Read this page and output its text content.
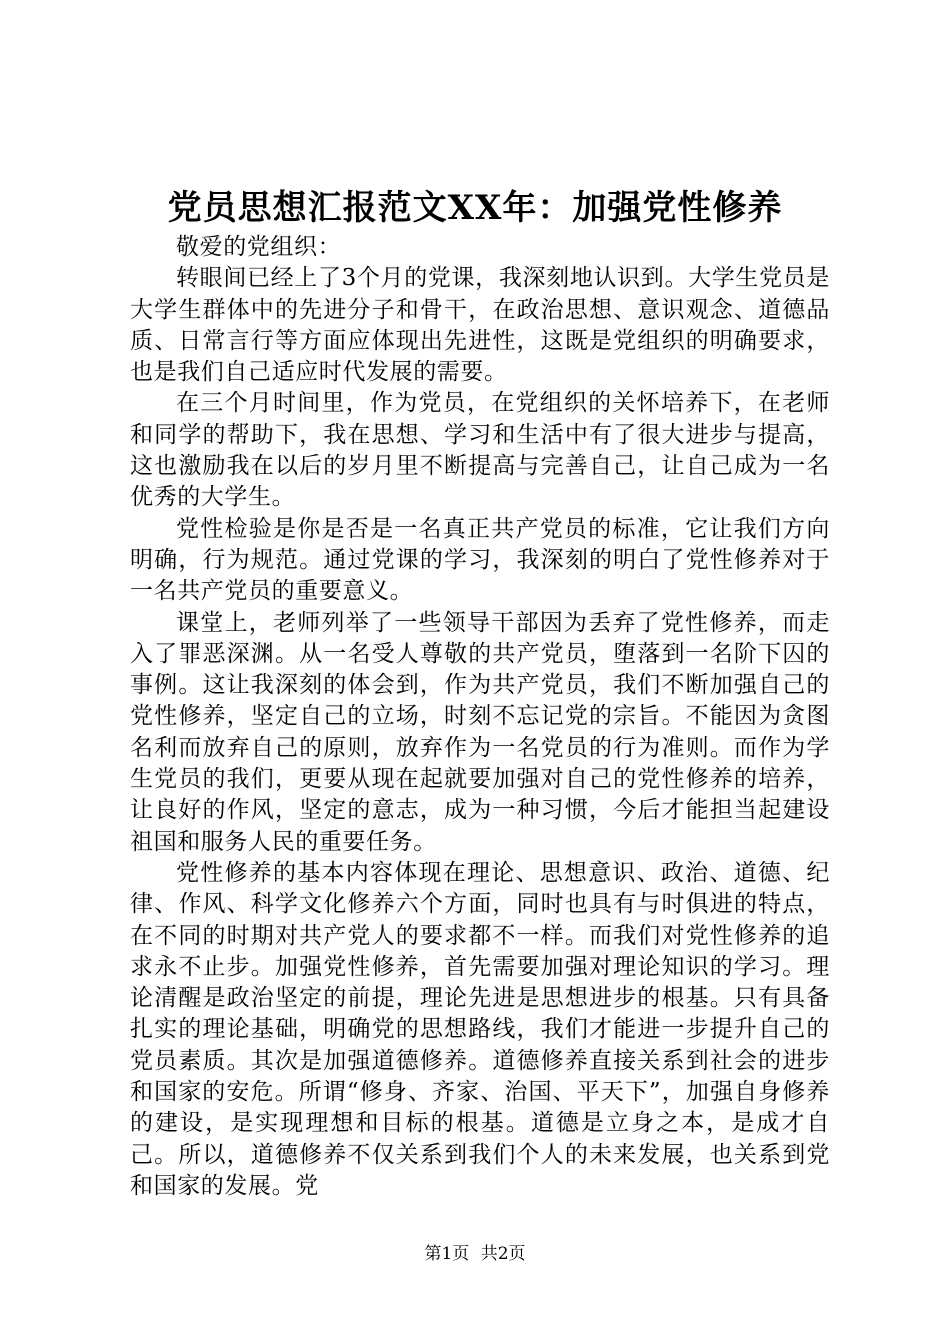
党员思想汇报范文XX年：加强党性修养

敬爱的党组织：

转眼间已经上了3个月的党课，我深刻地认识到。大学生党员是大学生群体中的先进分子和骨干，在政治思想、意识观念、道德品质、日常言行等方面应体现出先进性，这既是党组织的明确要求，也是我们自己适应时代发展的需要。

在三个月时间里，作为党员，在党组织的关怀培养下，在老师和同学的帮助下，我在思想、学习和生活中有了很大进步与提高，这也激励我在以后的岁月里不断提高与完善自己，让自己成为一名优秀的大学生。

党性检验是你是否是一名真正共产党员的标准，它让我们方向明确，行为规范。通过党课的学习，我深刻的明白了党性修养对于一名共产党员的重要意义。

课堂上，老师列举了一些领导干部因为丢弃了党性修养，而走入了罪恶深渊。从一名受人尊敬的共产党员，堕落到一名阶下囚的事例。这让我深刻的体会到，作为共产党员，我们不断加强自己的党性修养，坚定自己的立场，时刻不忘记党的宗旨。不能因为贪图名利而放弃自己的原则，放弃作为一名党员的行为准则。而作为学生党员的我们，更要从现在起就要加强对自己的党性修养的培养，让良好的作风，坚定的意志，成为一种习惯，今后才能担当起建设祖国和服务人民的重要任务。

党性修养的基本内容体现在理论、思想意识、政治、道德、纪律、作风、科学文化修养六个方面，同时也具有与时俱进的特点，在不同的时期对共产党人的要求都不一样。而我们对党性修养的追求永不止步。加强党性修养，首先需要加强对理论知识的学习。理论清醒是政治坚定的前提，理论先进是思想进步的根基。只有具备扎实的理论基础，明确党的思想路线，我们才能进一步提升自己的党员素质。其次是加强道德修养。道德修养直接关系到社会的进步和国家的安危。所谓“修身、齐家、治国、平天下”，加强自身修养的建设，是实现理想和目标的根基。道德是立身之本，是成才自己。所以，道德修养不仅关系到我们个人的未来发展，也关系到党和国家的发展。党

第1页 共2页
